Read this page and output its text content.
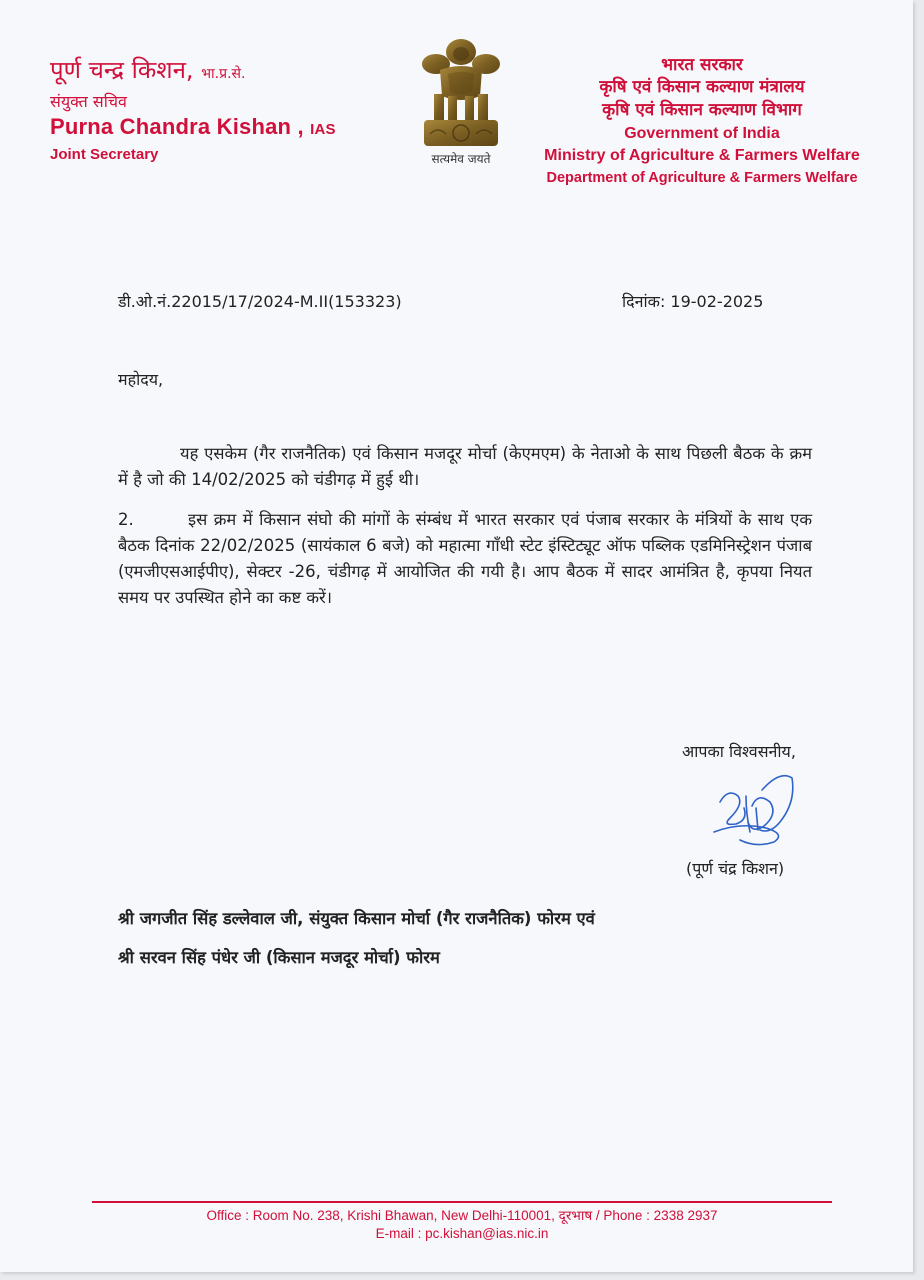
पूर्ण चन्द्र किशन, भा.प्र.से.
संयुक्त सचिव
Purna Chandra Kishan , IAS
Joint Secretary	सत्यमेव जयते
भारत सरकार
कृषि एवं किसान कल्याण मंत्रालय
कृषि एवं किसान कल्याण विभाग
Government of India
Ministry of Agriculture & Farmers Welfare
Department of Agriculture & Farmers Welfare
डी.ओ.नं.22015/17/2024-M.II(153323)	दिनांक: 19-02-2025
महोदय,
यह एसकेम (गैर राजनैतिक) एवं किसान मजदूर मोर्चा (केएमएम) के नेताओ के साथ पिछली बैठक के क्रम में है जो की 14/02/2025 को चंडीगढ़ में हुई थी।
2.	इस क्रम में किसान संघो की मांगों के संम्बंध में भारत सरकार एवं पंजाब सरकार के मंत्रियों के साथ एक बैठक दिनांक 22/02/2025 (सायंकाल 6 बजे) को महात्मा गाँधी स्टेट इंस्टिट्यूट ऑफ पब्लिक एडमिनिस्ट्रेशन पंजाब (एमजीएसआईपीए), सेक्टर -26, चंडीगढ़ में आयोजित की गयी है। आप बैठक में सादर आमंत्रित है, कृपया नियत समय पर उपस्थित होने का कष्ट करें।
आपका विश्वसनीय,
(पूर्ण चंद्र किशन)
श्री जगजीत सिंह डल्लेवाल जी, संयुक्त किसान मोर्चा (गैर राजनैतिक) फोरम एवं
श्री सरवन सिंह पंधेर जी (किसान मजदूर मोर्चा) फोरम
Office : Room No. 238, Krishi Bhawan, New Delhi-110001, दूरभाष / Phone : 2338 2937
E-mail : pc.kishan@ias.nic.in
